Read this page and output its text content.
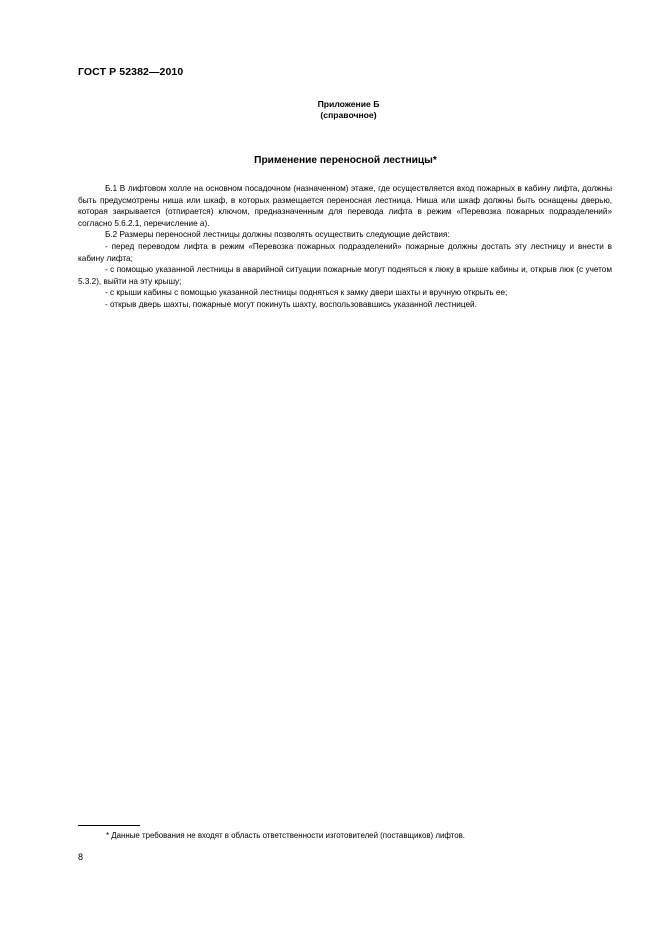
ГОСТ Р 52382—2010
Приложение Б
(справочное)
Применение переносной лестницы*

Б.1 В лифтовом холле на основном посадочном (назначенном) этаже, где осуществляется вход пожарных в кабину лифта, должны быть предусмотрены ниша или шкаф, в которых размещается переносная лестница. Ниша или шкаф должны быть оснащены дверью, которая закрывается (отпирается) ключом, предназначенным для перевода лифта в режим «Перевозка пожарных подразделений» согласно 5.6.2.1, перечисление а).

Б.2 Размеры переносной лестницы должны позволять осуществить следующие действия:

- перед переводом лифта в режим «Перевозка пожарных подразделений» пожарные должны достать эту лестницу и внести в кабину лифта;

- с помощью указанной лестницы в аварийной ситуации пожарные могут подняться к люку в крыше кабины и, открыв люк (с учетом 5.3.2), выйти на эту крышу;

- с крыши кабины с помощью указанной лестницы подняться к замку двери шахты и вручную открыть ее;

- открыв дверь шахты, пожарные могут покинуть шахту, воспользовавшись указанной лестницей.

* Данные требования не входят в область ответственности изготовителей (поставщиков) лифтов.
8
